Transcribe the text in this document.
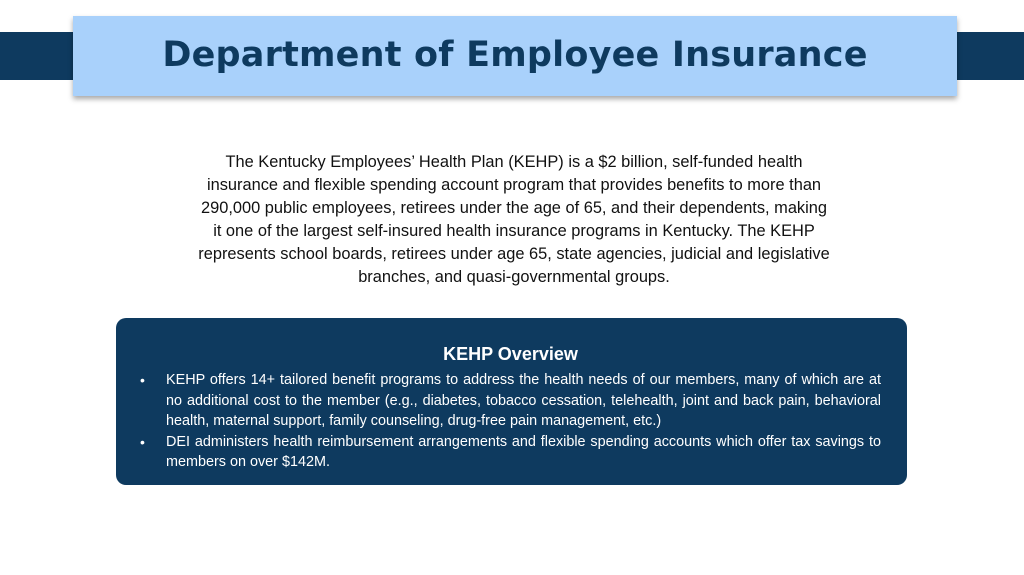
Department of Employee Insurance
The Kentucky Employees’ Health Plan (KEHP) is a $2 billion, self-funded health insurance and flexible spending account program that provides benefits to more than 290,000 public employees, retirees under the age of 65, and their dependents, making it one of the largest self-insured health insurance programs in Kentucky. The KEHP represents school boards, retirees under age 65, state agencies, judicial and legislative branches, and quasi-governmental groups.
KEHP Overview
•	KEHP offers 14+ tailored benefit programs to address the health needs of our members, many of which are at no additional cost to the member (e.g., diabetes, tobacco cessation, telehealth, joint and back pain, behavioral health, maternal support, family counseling, drug-free pain management, etc.)
•	DEI administers health reimbursement arrangements and flexible spending accounts which offer tax savings to members on over $142M.
